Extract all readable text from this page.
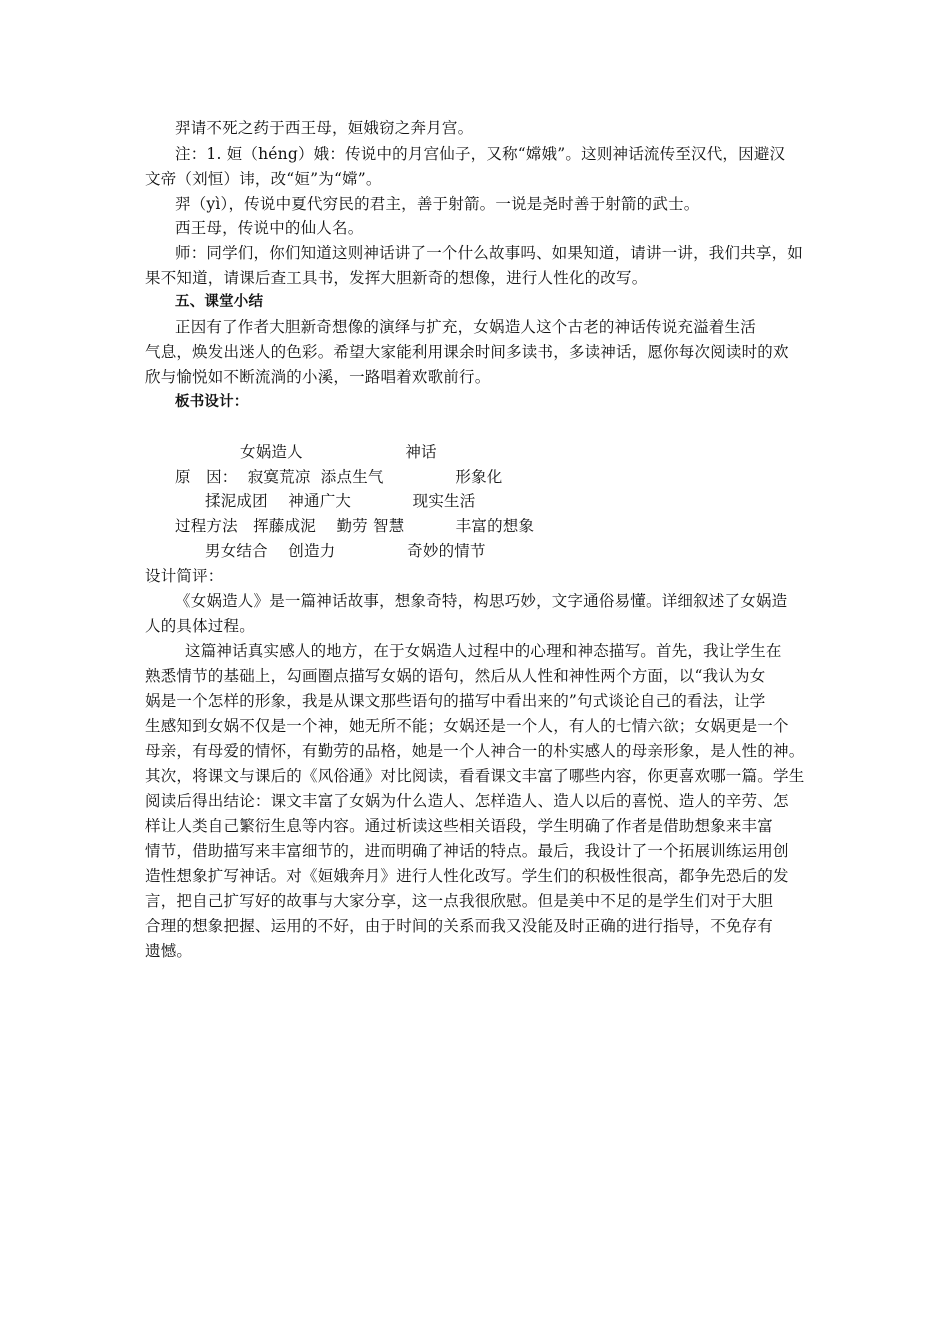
羿请不死之药于西王母，姮娥窃之奔月宫。
注：1. 姮（héng）娥：传说中的月宫仙子，又称“嫦娥”。这则神话流传至汉代，因避汉
文帝（刘恒）讳，改“姮”为“嫦”。
羿（yì），传说中夏代穷民的君主，善于射箭。一说是尧时善于射箭的武士。
西王母，传说中的仙人名。
师：同学们，你们知道这则神话讲了一个什么故事吗、如果知道，请讲一讲，我们共享，如
果不知道，请课后查工具书，发挥大胆新奇的想像，进行人性化的改写。
五、课堂小结
正因有了作者大胆新奇想像的演绎与扩充，女娲造人这个古老的神话传说充溢着生活
气息，焕发出迷人的色彩。希望大家能利用课余时间多读书，多读神话，愿你每次阅读时的欢
欣与愉悦如不断流淌的小溪，一路唱着欢歌前行。
板书设计：
女娲造人                    神话
原   因：  寂寞荒凉  添点生气              形象化
揉泥成团    神通广大            现实生活
过程方法   挥藤成泥    勤劳 智慧          丰富的想象
男女结合    创造力              奇妙的情节
设计简评：
《女娲造人》是一篇神话故事，想象奇特，构思巧妙，文字通俗易懂。详细叙述了女娲造
人的具体过程。
这篇神话真实感人的地方，在于女娲造人过程中的心理和神态描写。首先，我让学生在
熟悉情节的基础上，勾画圈点描写女娲的语句，然后从人性和神性两个方面，以“我认为女
娲是一个怎样的形象，我是从课文那些语句的描写中看出来的”句式谈论自己的看法，让学
生感知到女娲不仅是一个神，她无所不能；女娲还是一个人，有人的七情六欲；女娲更是一个
母亲，有母爱的情怀，有勤劳的品格，她是一个人神合一的朴实感人的母亲形象，是人性的神。
其次，将课文与课后的《风俗通》对比阅读，看看课文丰富了哪些内容，你更喜欢哪一篇。学生
阅读后得出结论：课文丰富了女娲为什么造人、怎样造人、造人以后的喜悦、造人的辛劳、怎
样让人类自己繁衍生息等内容。通过析读这些相关语段，学生明确了作者是借助想象来丰富
情节，借助描写来丰富细节的，进而明确了神话的特点。最后，我设计了一个拓展训练运用创
造性想象扩写神话。对《姮娥奔月》进行人性化改写。学生们的积极性很高，都争先恐后的发
言，把自己扩写好的故事与大家分享，这一点我很欣慰。但是美中不足的是学生们对于大胆
合理的想象把握、运用的不好，由于时间的关系而我又没能及时正确的进行指导，不免存有
遗憾。
